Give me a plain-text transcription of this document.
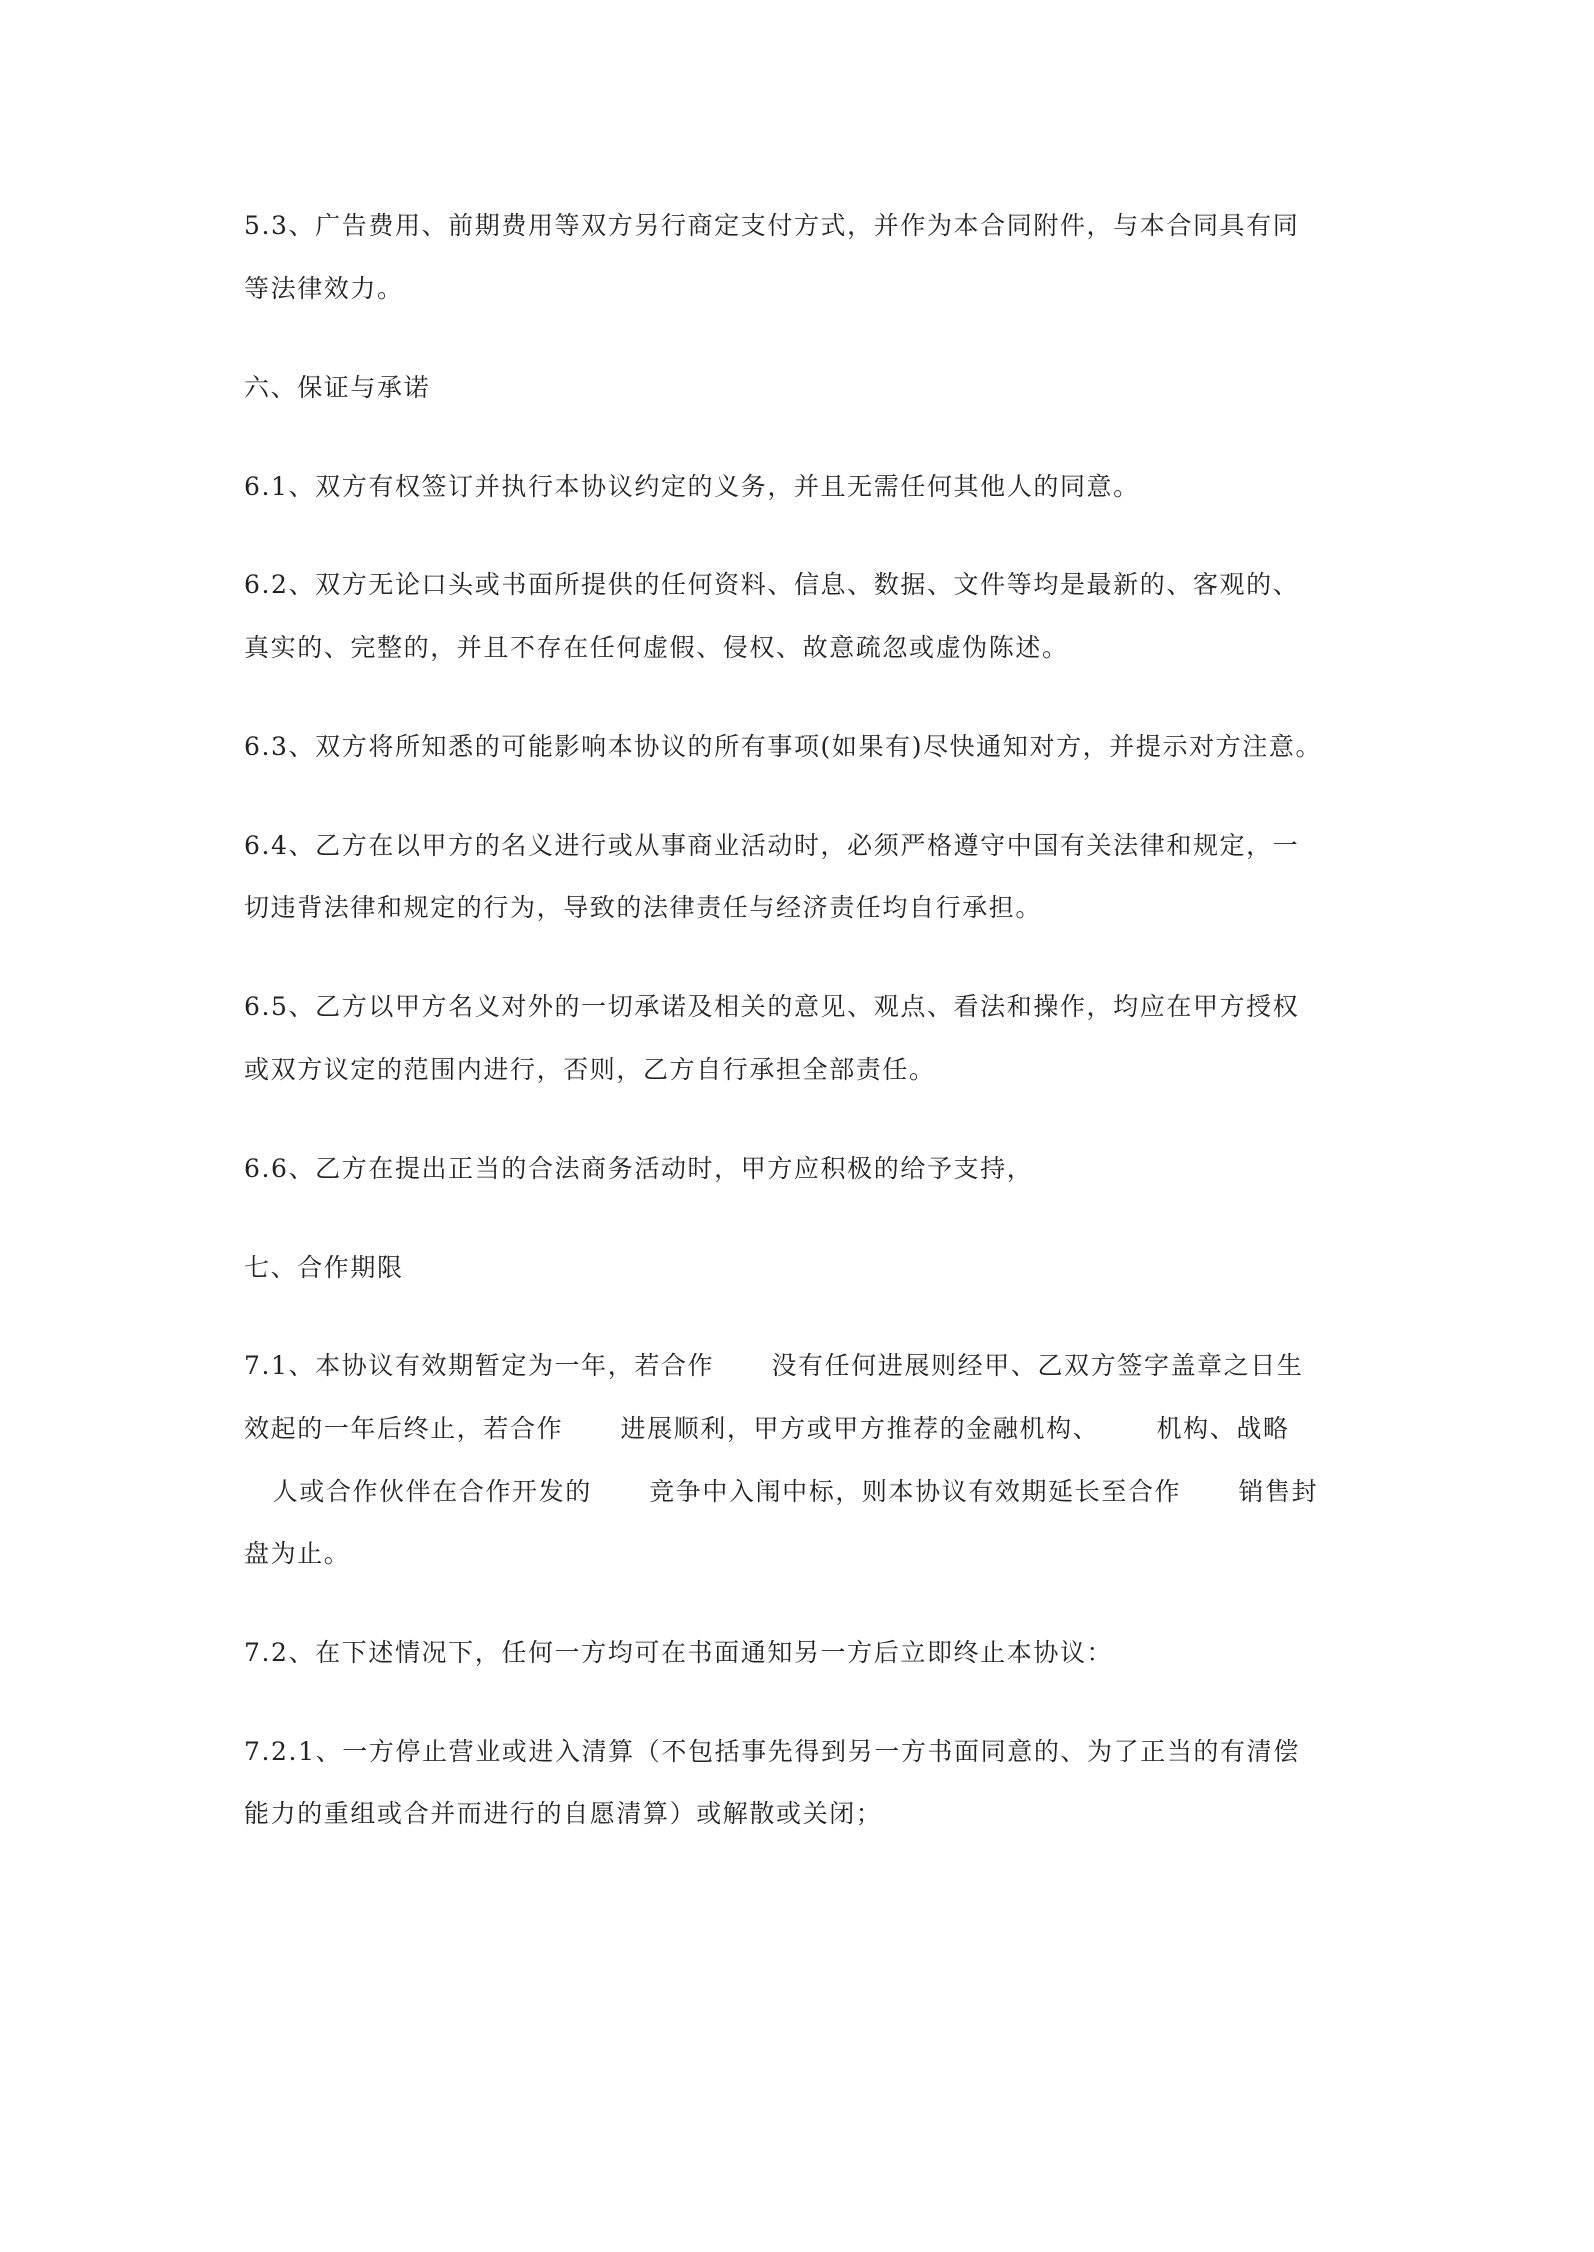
5.3、广告费用、前期费用等双方另行商定支付方式，并作为本合同附件，与本合同具有同

等法律效力。

六、保证与承诺

6.1、双方有权签订并执行本协议约定的义务，并且无需任何其他人的同意。

6.2、双方无论口头或书面所提供的任何资料、信息、数据、文件等均是最新的、客观的、

真实的、完整的，并且不存在任何虚假、侵权、故意疏忽或虚伪陈述。

6.3、双方将所知悉的可能影响本协议的所有事项(如果有)尽快通知对方，并提示对方注意。

6.4、乙方在以甲方的名义进行或从事商业活动时，必须严格遵守中国有关法律和规定，一

切违背法律和规定的行为，导致的法律责任与经济责任均自行承担。

6.5、乙方以甲方名义对外的一切承诺及相关的意见、观点、看法和操作，均应在甲方授权

或双方议定的范围内进行，否则，乙方自行承担全部责任。

6.6、乙方在提出正当的合法商务活动时，甲方应积极的给予支持，

七、合作期限

7.1、本协议有效期暂定为一年，若合作      没有任何进展则经甲、乙双方签字盖章之日生

效起的一年后终止，若合作      进展顺利，甲方或甲方推荐的金融机构、      机构、战略

人或合作伙伴在合作开发的      竞争中入闱中标，则本协议有效期延长至合作      销售封

盘为止。

7.2、在下述情况下，任何一方均可在书面通知另一方后立即终止本协议：

7.2.1、一方停止营业或进入清算（不包括事先得到另一方书面同意的、为了正当的有清偿

能力的重组或合并而进行的自愿清算）或解散或关闭；
